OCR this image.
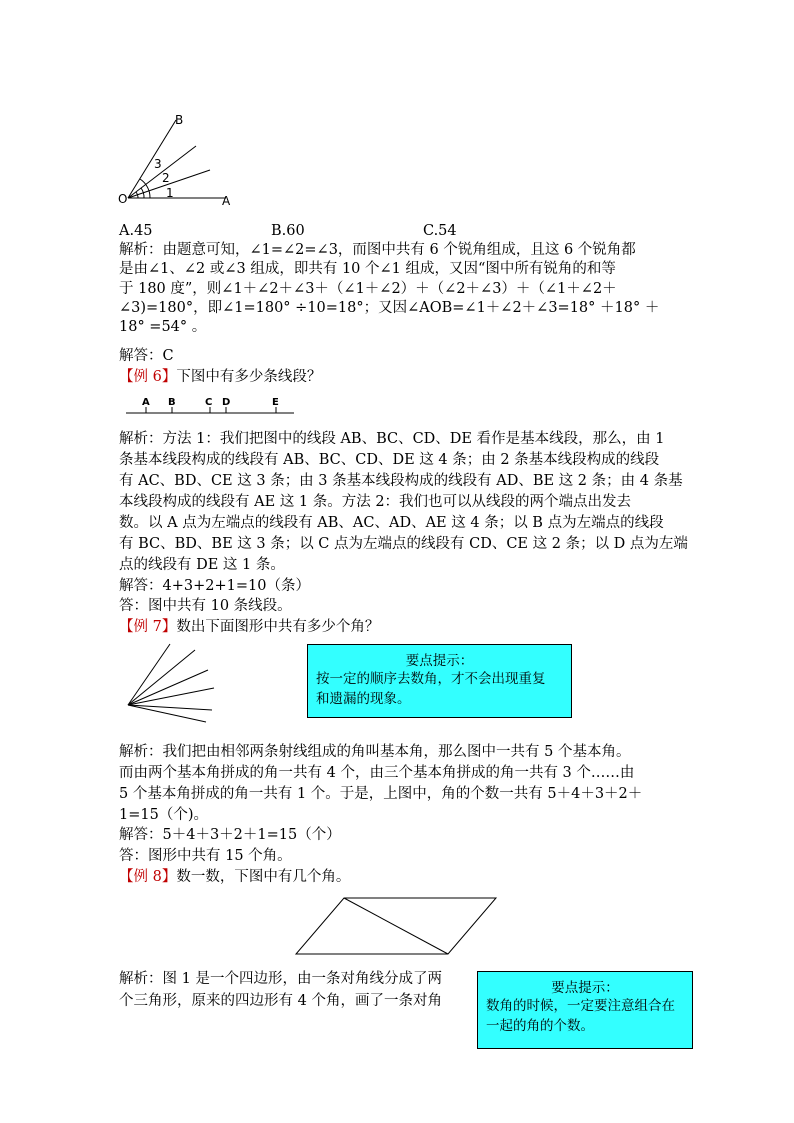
B
O	A
1
2
3
A.45	B.60	C.54
解析：由题意可知，∠1=∠2=∠3，而图中共有 6 个锐角组成，且这 6 个锐角都
是由∠1、∠2 或∠3 组成，即共有 10 个∠1 组成，又因“图中所有锐角的和等
于 180 度”，则∠1＋∠2＋∠3＋（∠1＋∠2）＋（∠2＋∠3）＋（∠1＋∠2＋
∠3)=180°，即∠1=180° ÷10=18°；又因∠AOB=∠1＋∠2＋∠3=18° ＋18° ＋
18° =54° 。
解答：C
【例 6】下图中有多少条线段？
A B	C D	E
解析：方法 1：我们把图中的线段 AB、BC、CD、DE 看作是基本线段，那么，由 1
条基本线段构成的线段有 AB、BC、CD、DE 这 4 条；由 2 条基本线段构成的线段
有 AC、BD、CE 这 3 条；由 3 条基本线段构成的线段有 AD、BE 这 2 条；由 4 条基
本线段构成的线段有 AE 这 1 条。方法 2：我们也可以从线段的两个端点出发去
数。以 A 点为左端点的线段有 AB、AC、AD、AE 这 4 条；以 B 点为左端点的线段
有 BC、BD、BE 这 3 条；以 C 点为左端点的线段有 CD、CE 这 2 条；以 D 点为左端
点的线段有 DE 这 1 条。
解答：4+3+2+1=10（条）
答：图中共有 10 条线段。
【例 7】数出下面图形中共有多少个角？
要点提示：
按一定的顺序去数角，才不会出现重复
和遗漏的现象。
解析：我们把由相邻两条射线组成的角叫基本角，那么图中一共有 5 个基本角。
而由两个基本角拼成的角一共有 4 个，由三个基本角拼成的角一共有 3 个……由
5 个基本角拼成的角一共有 1 个。于是，上图中，角的个数一共有 5＋4＋3＋2＋
1=15（个)。
解答：5＋4＋3＋2＋1=15（个）
答：图形中共有 15 个角。
【例 8】数一数，下图中有几个角。
解析：图 1 是一个四边形，由一条对角线分成了两
个三角形，原来的四边形有 4 个角，画了一条对角
要点提示：
数角的时候，一定要注意组合在
一起的角的个数。
